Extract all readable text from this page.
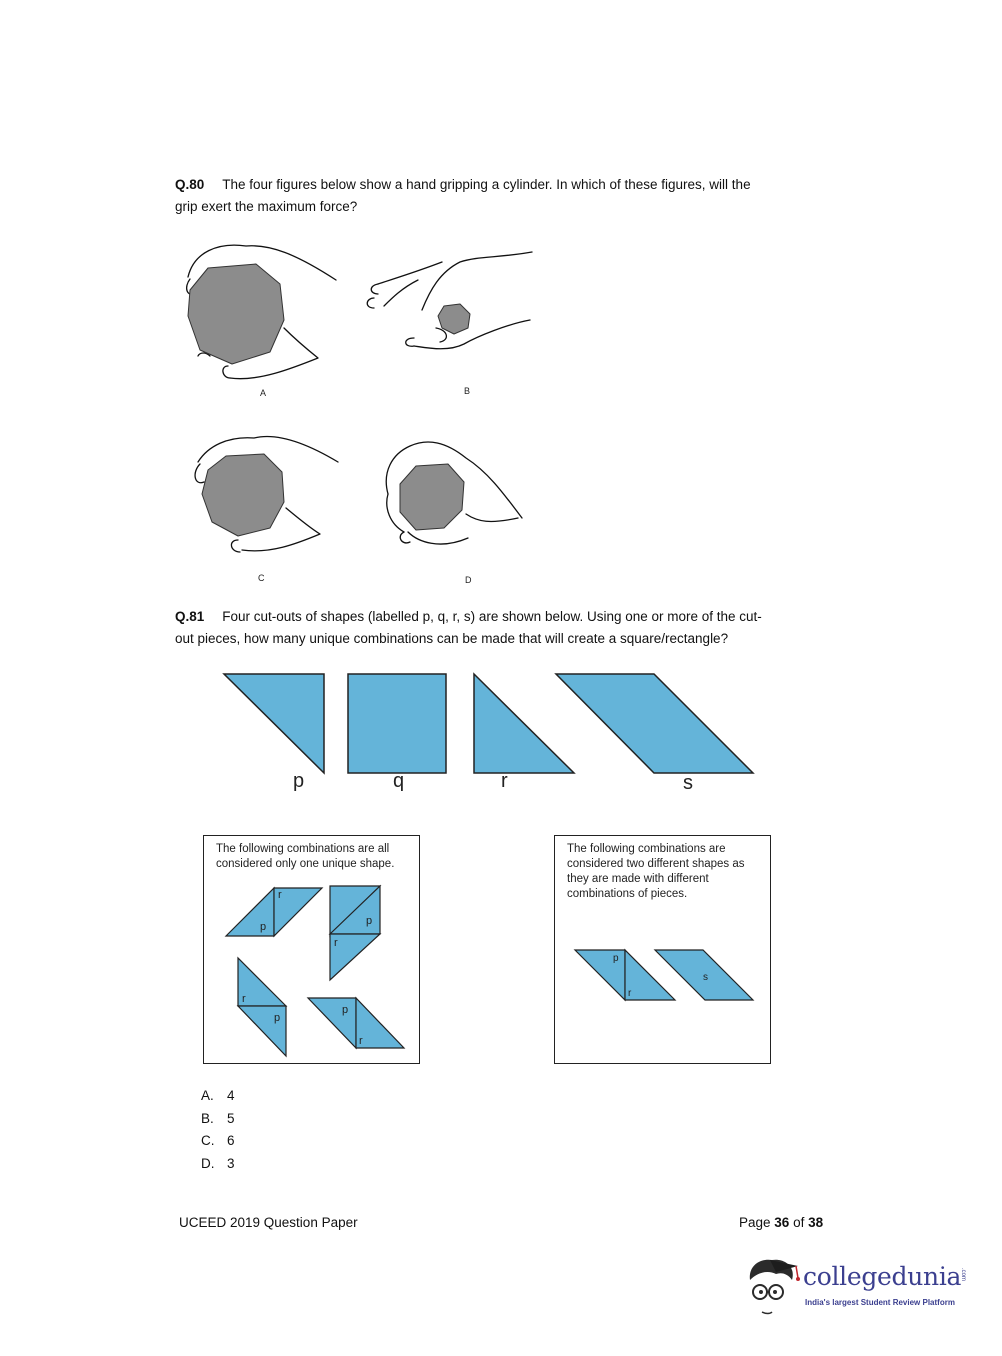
Q.80 The four figures below show a hand gripping a cylinder. In which of these figures, will the
grip exert the maximum force?
A	B
C	D
Q.81 Four cut-outs of shapes (labelled p, q, r, s) are shown below. Using one or more of the cut-
out pieces, how many unique combinations can be made that will create a square/rectangle?
p	q	r	s
The following combinations are all
considered only one unique shape.
p
r
p
r
r
p
p
r
The following combinations are
considered two different shapes as
they are made with different
combinations of pieces.
p
r
s
A. 4
B. 5
C. 6
D. 3
UCEED 2019 Question Paper	Page 36 of 38
collegedunia
.com
India's largest Student Review Platform
